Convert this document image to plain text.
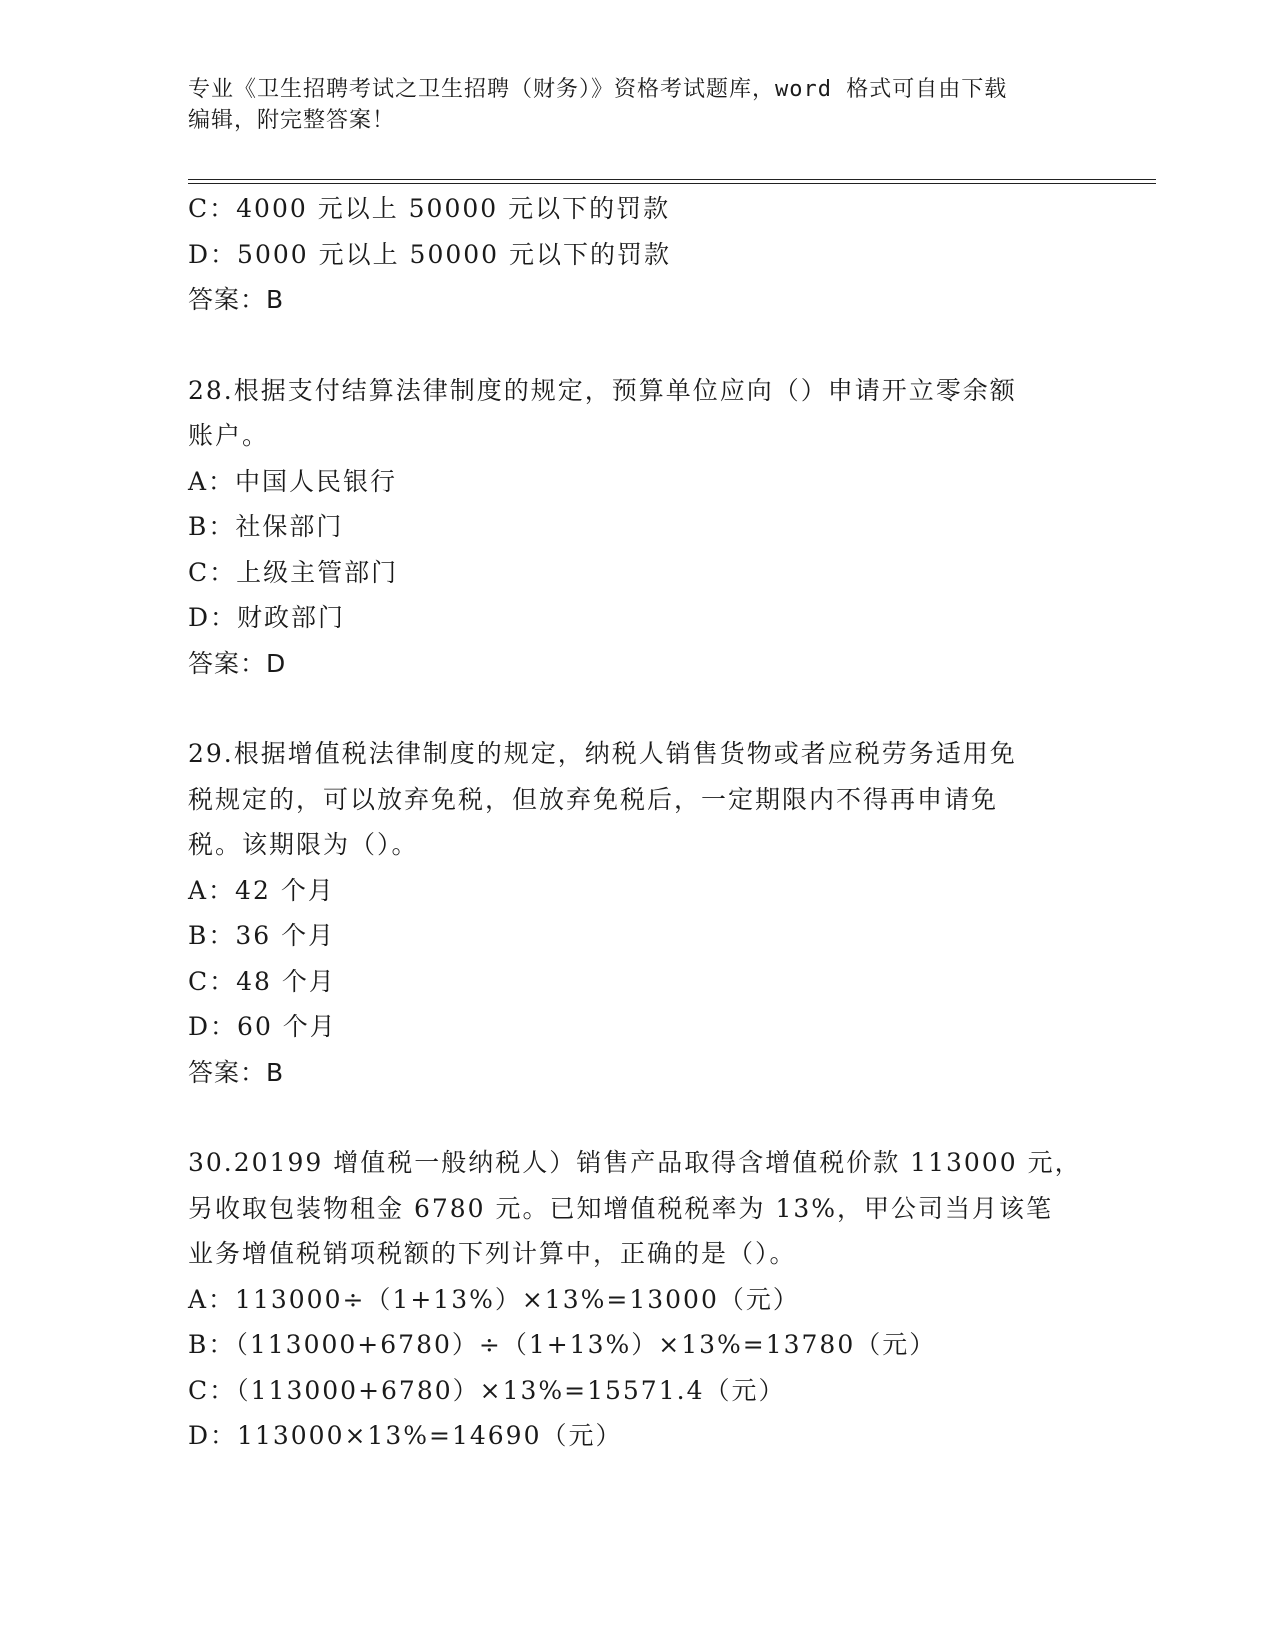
专业《卫生招聘考试之卫生招聘（财务）》资格考试题库，word 格式可自由下载
编辑，附完整答案！
C：4000 元以上 50000 元以下的罚款
D：5000 元以上 50000 元以下的罚款
答案：B
28.根据支付结算法律制度的规定，预算单位应向（）申请开立零余额
账户。
A：中国人民银行
B：社保部门
C：上级主管部门
D：财政部门
答案：D
29.根据增值税法律制度的规定，纳税人销售货物或者应税劳务适用免
税规定的，可以放弃免税，但放弃免税后，一定期限内不得再申请免
税。该期限为（）。
A：42 个月
B：36 个月
C：48 个月
D：60 个月
答案：B
30.20199 增值税一般纳税人）销售产品取得含增值税价款 113000 元，
另收取包装物租金 6780 元。已知增值税税率为 13%，甲公司当月该笔
业务增值税销项税额的下列计算中，正确的是（）。
A：113000÷（1+13%）×13%=13000（元）
B：（113000+6780）÷（1+13%）×13%=13780（元）
C：（113000+6780）×13%=15571.4（元）
D：113000×13%=14690（元）
